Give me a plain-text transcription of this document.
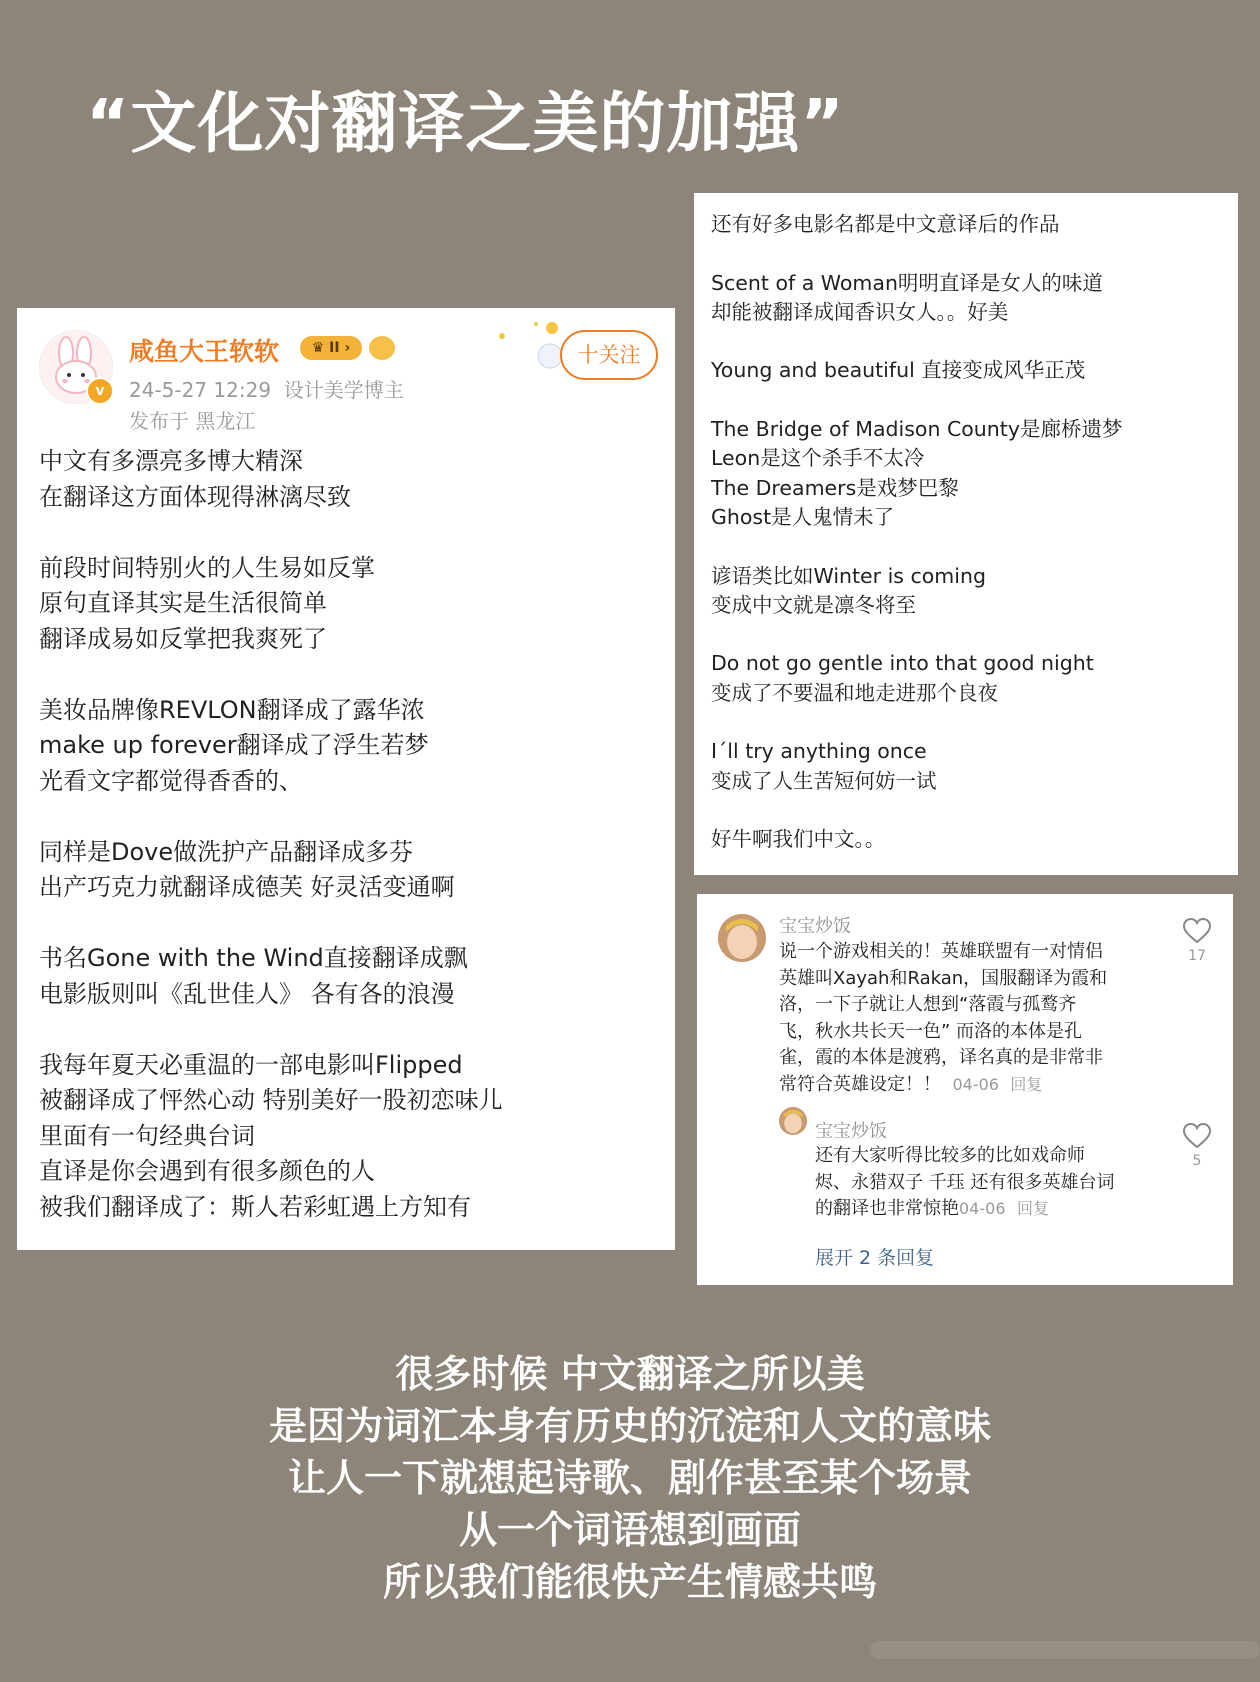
“文化对翻译之美的加强”
v
咸鱼大王软软	♛ II ›
24-5-27 12:29 设计美学博主
发布于 黑龙江
十关注
中文有多漂亮多博大精深
在翻译这方面体现得淋漓尽致
前段时间特别火的人生易如反掌
原句直译其实是生活很简单
翻译成易如反掌把我爽死了
美妆品牌像REVLON翻译成了露华浓
make up forever翻译成了浮生若梦
光看文字都觉得香香的、
同样是Dove做洗护产品翻译成多芬
出产巧克力就翻译成德芙 好灵活变通啊
书名Gone with the Wind直接翻译成飘
电影版则叫《乱世佳人》 各有各的浪漫
我每年夏天必重温的一部电影叫Flipped
被翻译成了怦然心动 特别美好一股初恋味儿
里面有一句经典台词
直译是你会遇到有很多颜色的人
被我们翻译成了：斯人若彩虹遇上方知有
还有好多电影名都是中文意译后的作品
Scent of a Woman明明直译是女人的味道
却能被翻译成闻香识女人。。好美
Young and beautiful 直接变成风华正茂
The Bridge of Madison County是廊桥遗梦
Leon是这个杀手不太冷
The Dreamers是戏梦巴黎
Ghost是人鬼情未了
谚语类比如Winter is coming
变成中文就是凛冬将至
Do not go gentle into that good night
变成了不要温和地走进那个良夜
I΄ll try anything once
变成了人生苦短何妨一试
好牛啊我们中文。。
宝宝炒饭
说一个游戏相关的！英雄联盟有一对情侣
英雄叫Xayah和Rakan，国服翻译为霞和
洛，一下子就让人想到“落霞与孤鹜齐
飞，秋水共长天一色” 而洛的本体是孔
雀，霞的本体是渡鸦，译名真的是非常非
常符合英雄设定！！ 04-06 回复
17
宝宝炒饭
还有大家听得比较多的比如戏命师
烬、永猎双子 千珏 还有很多英雄台词
的翻译也非常惊艳04-06 回复
5
展开 2 条回复
很多时候 中文翻译之所以美
是因为词汇本身有历史的沉淀和人文的意味
让人一下就想起诗歌、剧作甚至某个场景
从一个词语想到画面
所以我们能很快产生情感共鸣
